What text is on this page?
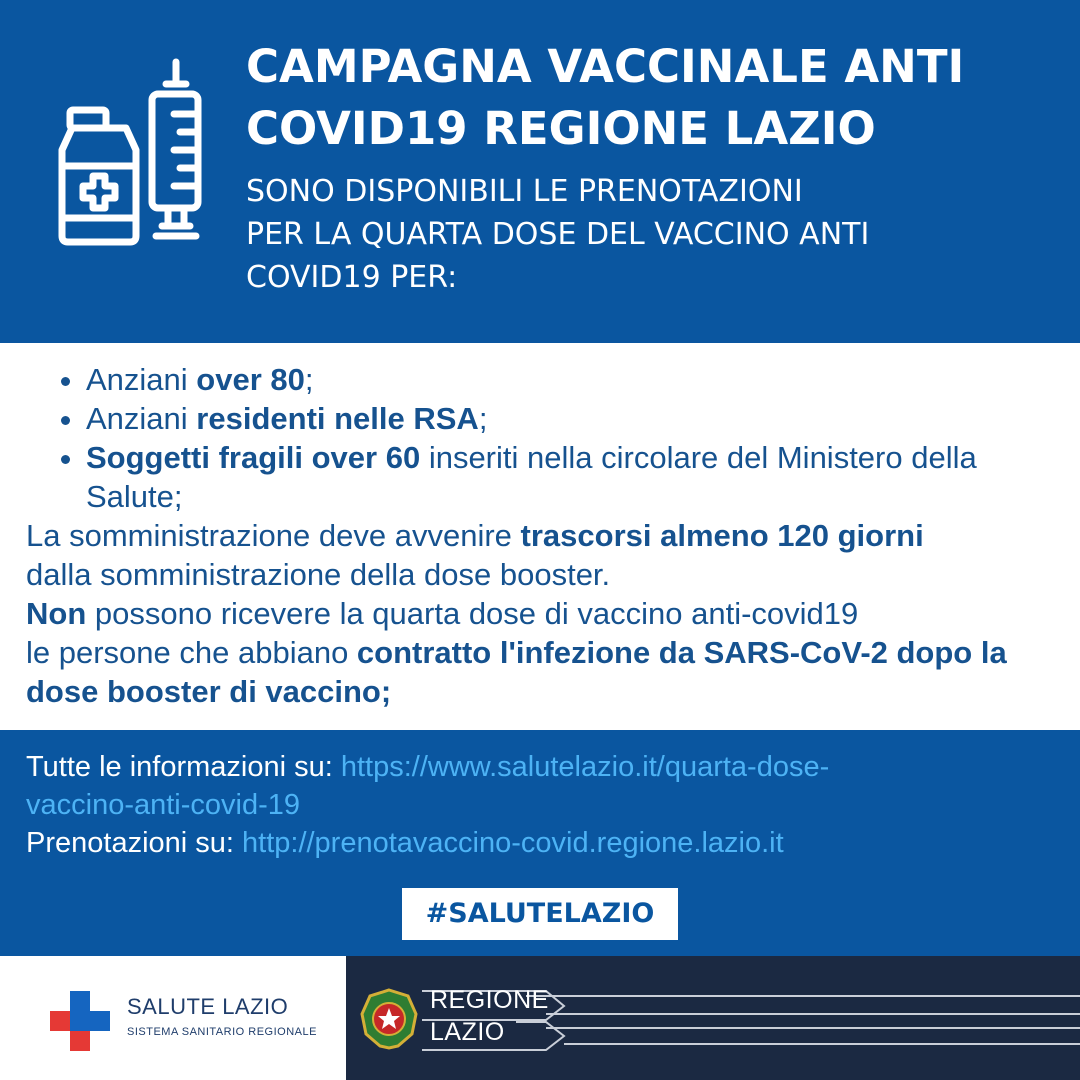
CAMPAGNA VACCINALE ANTI
COVID19 REGIONE LAZIO

SONO DISPONIBILI LE PRENOTAZIONI
PER LA QUARTA DOSE DEL VACCINO ANTI
COVID19 PER:

• Anziani over 80;
• Anziani residenti nelle RSA;
• Soggetti fragili over 60 inseriti nella circolare del Ministero della Salute;

La somministrazione deve avvenire trascorsi almeno 120 giorni
dalla somministrazione della dose booster.

Non possono ricevere la quarta dose di vaccino anti-covid19
le persone che abbiano contratto l'infezione da SARS-CoV-2 dopo la dose booster di vaccino;

Tutte le informazioni su: https://www.salutelazio.it/quarta-dose-
vaccino-anti-covid-19
Prenotazioni su: http://prenotavaccino-covid.regione.lazio.it
#SALUTELAZIO
SALUTE LAZIO
SISTEMA SANITARIO REGIONALE
REGIONE
LAZIO
